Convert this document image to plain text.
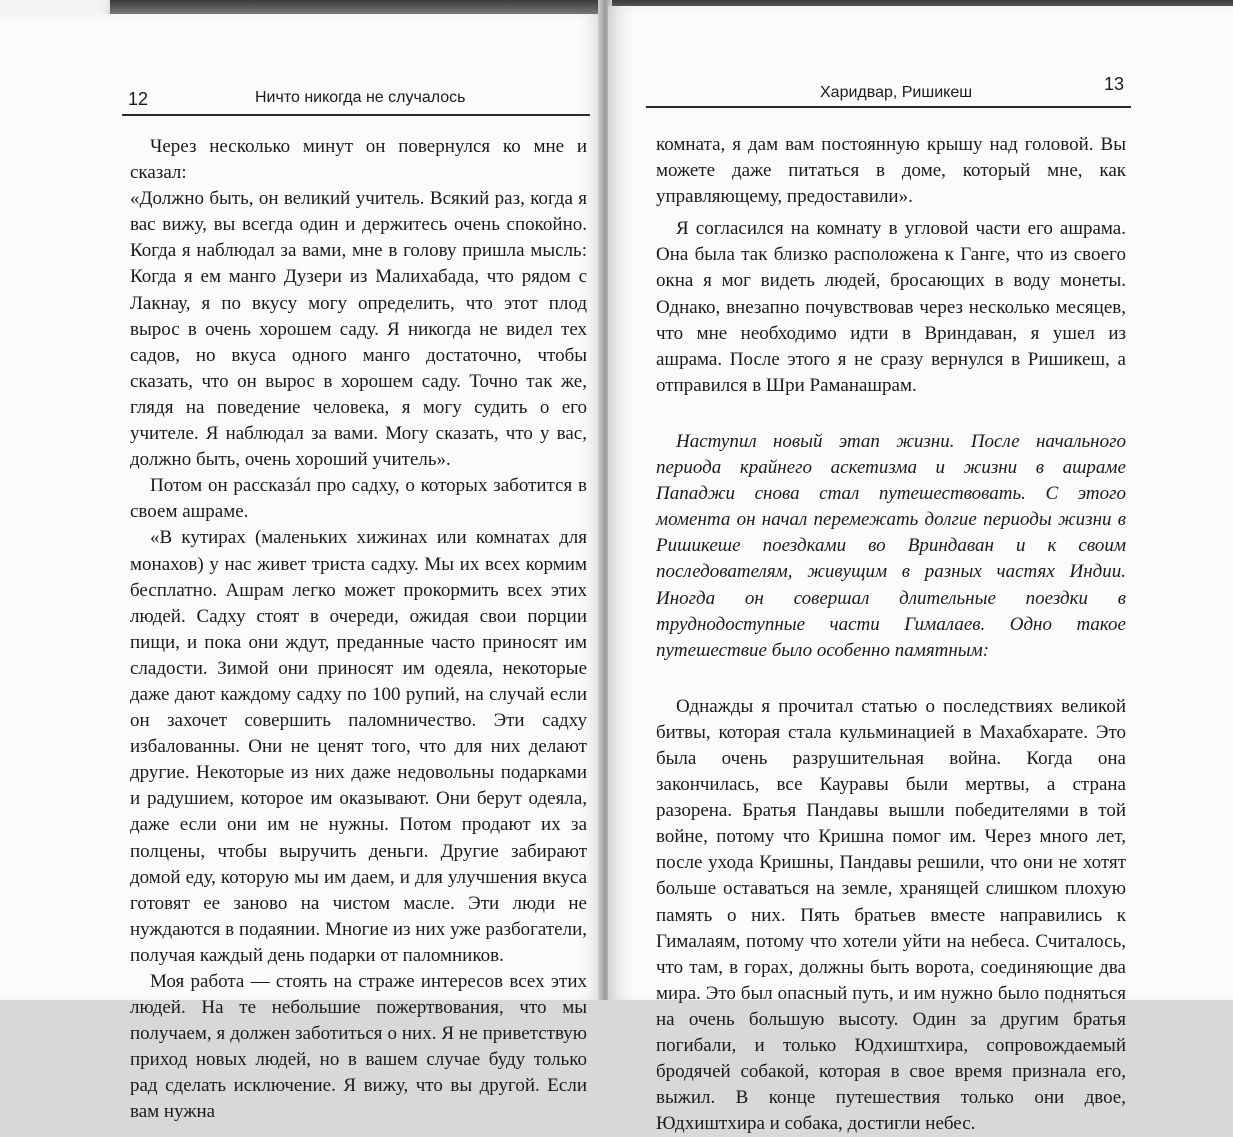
12	Ничто никогда не случалось

Через несколько минут он повернулся ко мне и сказал:

«Должно быть, он великий учитель. Всякий раз, когда я вас вижу, вы всегда один и держитесь очень спокойно. Когда я наблюдал за вами, мне в голову пришла мысль: Когда я ем манго Дузери из Малихабада, что рядом с Лакнау, я по вкусу могу определить, что этот плод вырос в очень хорошем саду. Я никогда не видел тех садов, но вкуса одного манго достаточно, чтобы сказать, что он вырос в хорошем саду. Точно так же, глядя на поведение человека, я могу судить о его учителе. Я наблюдал за вами. Могу сказать, что у вас, должно быть, очень хороший учитель».

Потом он рассказáл про садху, о которых заботится в своем ашраме.

«В кутирах (маленьких хижинах или комнатах для монахов) у нас живет триста садху. Мы их всех кормим бесплатно. Ашрам легко может прокормить всех этих людей. Садху стоят в очереди, ожидая свои порции пищи, и пока они ждут, преданные часто приносят им сладости. Зимой они приносят им одеяла, некоторые даже дают каждому садху по 100 рупий, на случай если он захочет совершить паломничество. Эти садху избалованны. Они не ценят того, что для них делают другие. Некоторые из них даже недовольны подарками и радушием, которое им оказывают. Они берут одеяла, даже если они им не нужны. Потом продают их за полцены, чтобы выручить деньги. Другие забирают домой еду, которую мы им даем, и для улучшения вкуса готовят ее заново на чистом масле. Эти люди не нуждаются в подаянии. Многие из них уже разбогатели, получая каждый день подарки от паломников.

Моя работа — стоять на страже интересов всех этих людей. На те небольшие пожертвования, что мы получаем, я должен заботиться о них. Я не приветствую приход новых людей, но в вашем случае буду только рад сделать исключение. Я вижу, что вы другой. Если вам нужна

Харидвар, Ришикеш	13

комната, я дам вам постоянную крышу над головой. Вы можете даже питаться в доме, который мне, как управляющему, предоставили».

Я согласился на комнату в угловой части его ашрама. Она была так близко расположена к Ганге, что из своего окна я мог видеть людей, бросающих в воду монеты. Однако, внезапно почувствовав через несколько месяцев, что мне необходимо идти в Вриндаван, я ушел из ашрама. После этого я не сразу вернулся в Ришикеш, а отправился в Шри Раманашрам.

Наступил новый этап жизни. После начального периода крайнего аскетизма и жизни в ашраме Пападжи снова стал путешествовать. С этого момента он начал перемежать долгие периоды жизни в Ришикеше поездками во Вриндаван и к своим последователям, живущим в разных частях Индии. Иногда он совершал длительные поездки в труднодоступные части Гималаев. Одно такое путешествие было особенно памятным:

Однажды я прочитал статью о последствиях великой битвы, которая стала кульминацией в Махабхарате. Это была очень разрушительная война. Когда она закончилась, все Кауравы были мертвы, а страна разорена. Братья Пандавы вышли победителями в той войне, потому что Кришна помог им. Через много лет, после ухода Кришны, Пандавы решили, что они не хотят больше оставаться на земле, хранящей слишком плохую память о них. Пять братьев вместе направились к Гималаям, потому что хотели уйти на небеса. Считалось, что там, в горах, должны быть ворота, соединяющие два мира. Это был опасный путь, и им нужно было подняться на очень большую высоту. Один за другим братья погибали, и только Юдхиштхира, сопровождаемый бродячей собакой, которая в свое время признала его, выжил. В конце путешествия только они двое, Юдхиштхира и собака, достигли небес.
